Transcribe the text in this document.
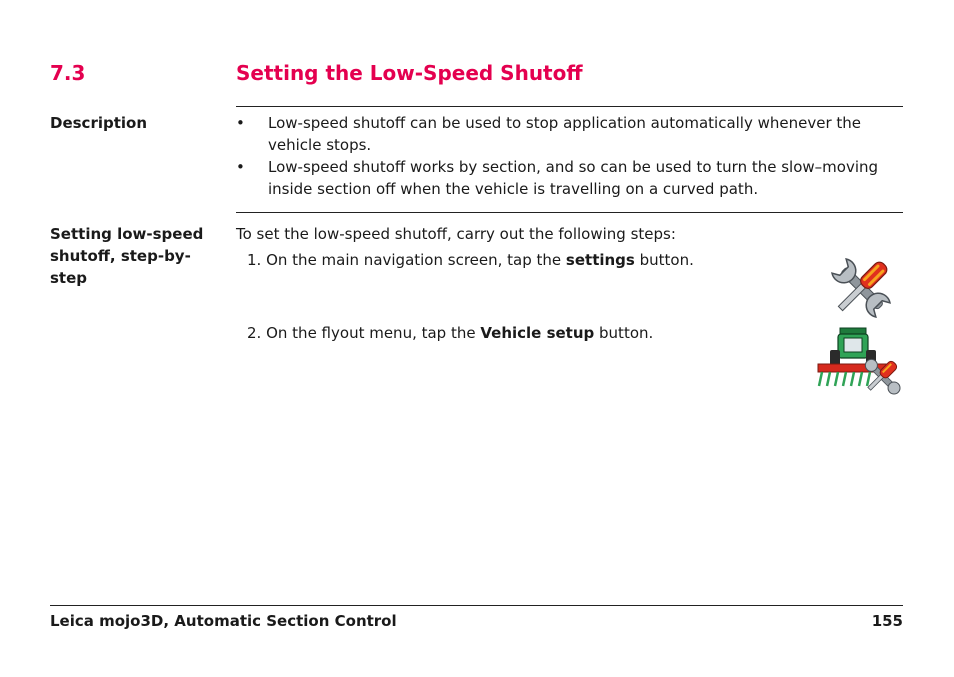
7.3	Setting the Low-Speed Shutoff
Description	•	Low-speed shutoff can be used to stop application automatically whenever the vehicle stops.
•	Low-speed shutoff works by section, and so can be used to turn the slow–moving inside section off when the vehicle is travelling on a curved path.
Setting low-speed shutoff, step-by-step
To set the low-speed shutoff, carry out the following steps:
1. On the main navigation screen, tap the settings button.
2. On the flyout menu, tap the Vehicle setup button.
Leica mojo3D, Automatic Section Control	155
